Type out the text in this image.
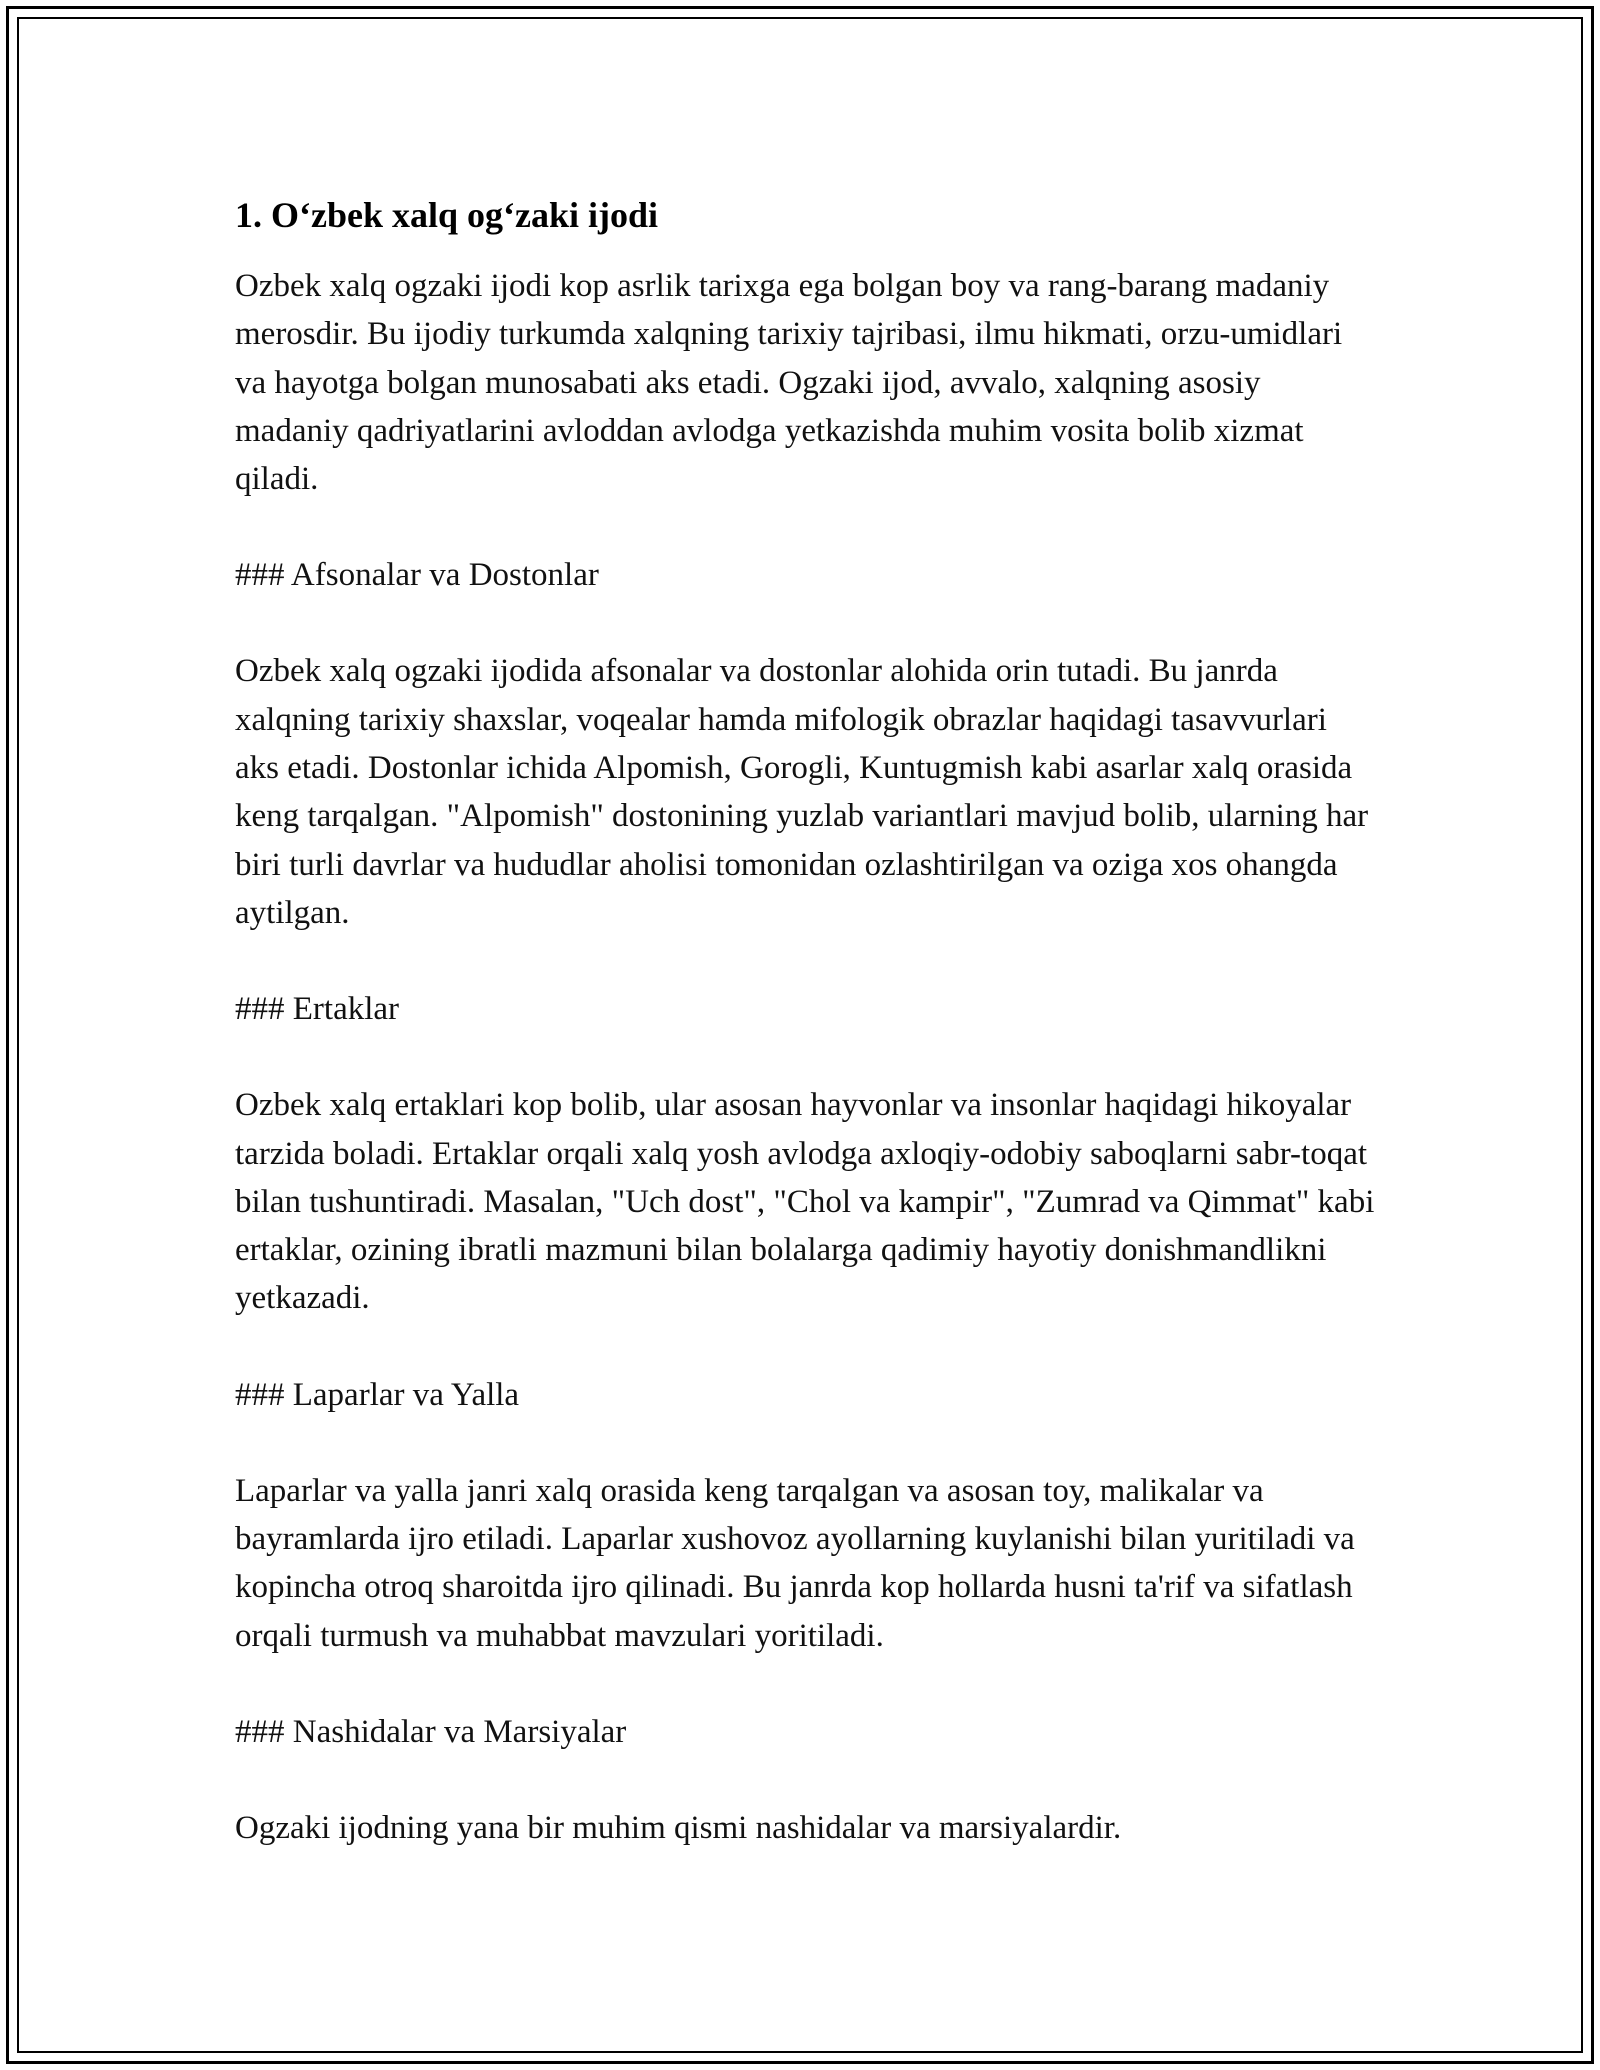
1. O‘zbek xalq og‘zaki ijodi

Ozbek xalq ogzaki ijodi kop asrlik tarixga ega bolgan boy va rang-barang madaniy merosdir. Bu ijodiy turkumda xalqning tarixiy tajribasi, ilmu hikmati, orzu-umidlari va hayotga bolgan munosabati aks etadi. Ogzaki ijod, avvalo, xalqning asosiy madaniy qadriyatlarini avloddan avlodga yetkazishda muhim vosita bolib xizmat qiladi.

### Afsonalar va Dostonlar

Ozbek xalq ogzaki ijodida afsonalar va dostonlar alohida orin tutadi. Bu janrda xalqning tarixiy shaxslar, voqealar hamda mifologik obrazlar haqidagi tasavvurlari aks etadi. Dostonlar ichida Alpomish, Gorogli, Kuntugmish kabi asarlar xalq orasida keng tarqalgan. "Alpomish" dostonining yuzlab variantlari mavjud bolib, ularning har biri turli davrlar va hududlar aholisi tomonidan ozlashtirilgan va oziga xos ohangda aytilgan.

### Ertaklar

Ozbek xalq ertaklari kop bolib, ular asosan hayvonlar va insonlar haqidagi hikoyalar tarzida boladi. Ertaklar orqali xalq yosh avlodga axloqiy-odobiy saboqlarni sabr-toqat bilan tushuntiradi. Masalan, "Uch dost", "Chol va kampir", "Zumrad va Qimmat" kabi ertaklar, ozining ibratli mazmuni bilan bolalarga qadimiy hayotiy donishmandlikni yetkazadi.

### Laparlar va Yalla

Laparlar va yalla janri xalq orasida keng tarqalgan va asosan toy, malikalar va bayramlarda ijro etiladi. Laparlar xushovoz ayollarning kuylanishi bilan yuritiladi va kopincha otroq sharoitda ijro qilinadi. Bu janrda kop hollarda husni ta'rif va sifatlash orqali turmush va muhabbat mavzulari yoritiladi.

### Nashidalar va Marsiyalar

Ogzaki ijodning yana bir muhim qismi nashidalar va marsiyalardir.
